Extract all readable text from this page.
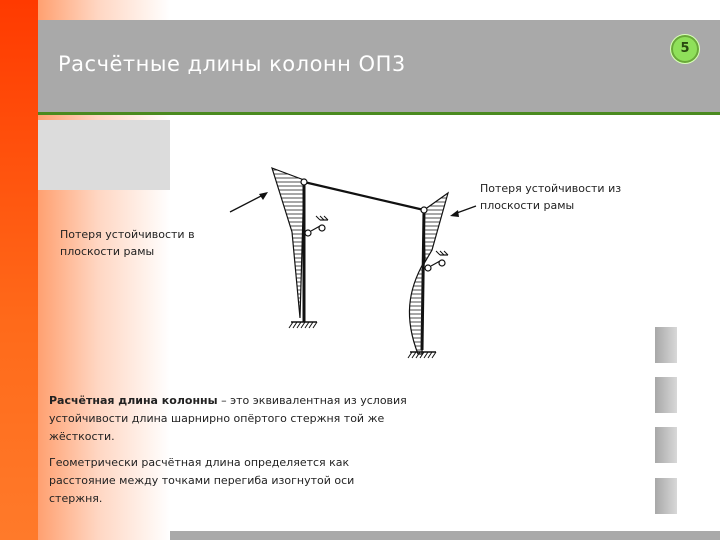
Расчётные длины колонн ОП3
5
Потеря устойчивости из плоскости рамы
Потеря устойчивости в плоскости рамы
Расчётная длина колонны – это эквивалентная из условия устойчивости длина шарнирно опёртого стержня той же жёсткости.
Геометрически расчётная длина определяется как расстояние между точками перегиба изогнутой оси стержня.
